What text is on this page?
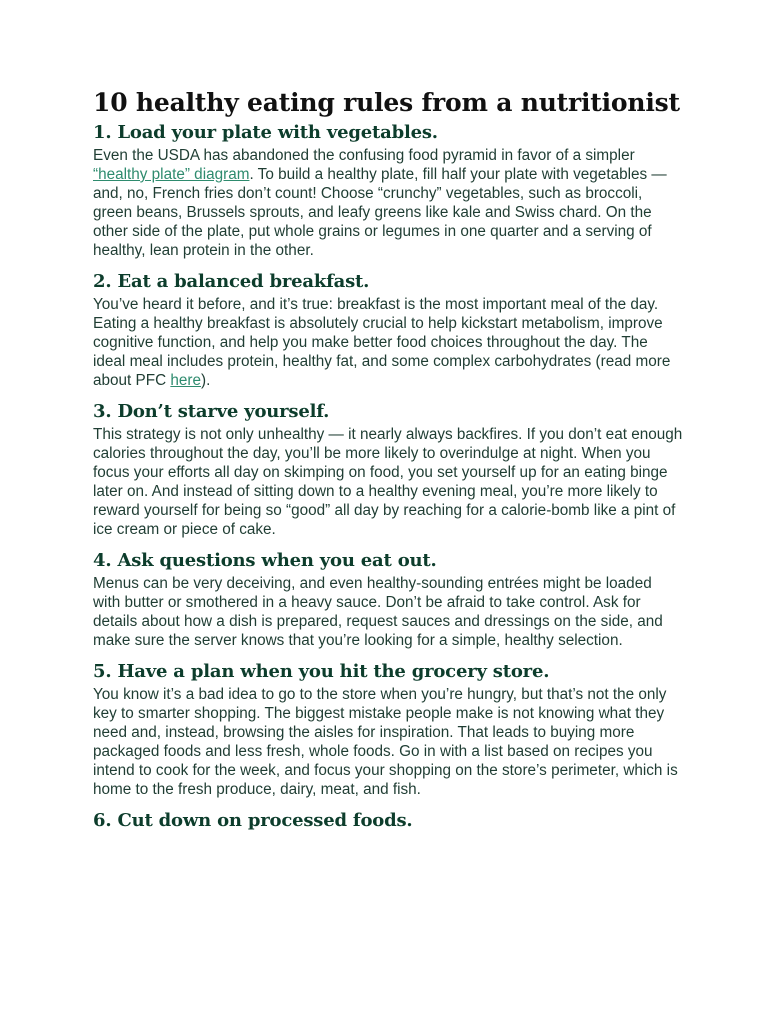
10 healthy eating rules from a nutritionist
1. Load your plate with vegetables.

Even the USDA has abandoned the confusing food pyramid in favor of a simpler “healthy plate” diagram. To build a healthy plate, fill half your plate with vegetables — and, no, French fries don’t count! Choose “crunchy” vegetables, such as broccoli, green beans, Brussels sprouts, and leafy greens like kale and Swiss chard. On the other side of the plate, put whole grains or legumes in one quarter and a serving of healthy, lean protein in the other.

2. Eat a balanced breakfast.

You’ve heard it before, and it’s true: breakfast is the most important meal of the day. Eating a healthy breakfast is absolutely crucial to help kickstart metabolism, improve cognitive function, and help you make better food choices throughout the day. The ideal meal includes protein, healthy fat, and some complex carbohydrates (read more about PFC here).

3. Don’t starve yourself.

This strategy is not only unhealthy — it nearly always backfires. If you don’t eat enough calories throughout the day, you’ll be more likely to overindulge at night. When you focus your efforts all day on skimping on food, you set yourself up for an eating binge later on. And instead of sitting down to a healthy evening meal, you’re more likely to reward yourself for being so “good” all day by reaching for a calorie-bomb like a pint of ice cream or piece of cake.

4. Ask questions when you eat out.

Menus can be very deceiving, and even healthy-sounding entrées might be loaded with butter or smothered in a heavy sauce. Don’t be afraid to take control. Ask for details about how a dish is prepared, request sauces and dressings on the side, and make sure the server knows that you’re looking for a simple, healthy selection.

5. Have a plan when you hit the grocery store.

You know it’s a bad idea to go to the store when you’re hungry, but that’s not the only key to smarter shopping. The biggest mistake people make is not knowing what they need and, instead, browsing the aisles for inspiration. That leads to buying more packaged foods and less fresh, whole foods. Go in with a list based on recipes you intend to cook for the week, and focus your shopping on the store’s perimeter, which is home to the fresh produce, dairy, meat, and fish.

6. Cut down on processed foods.
